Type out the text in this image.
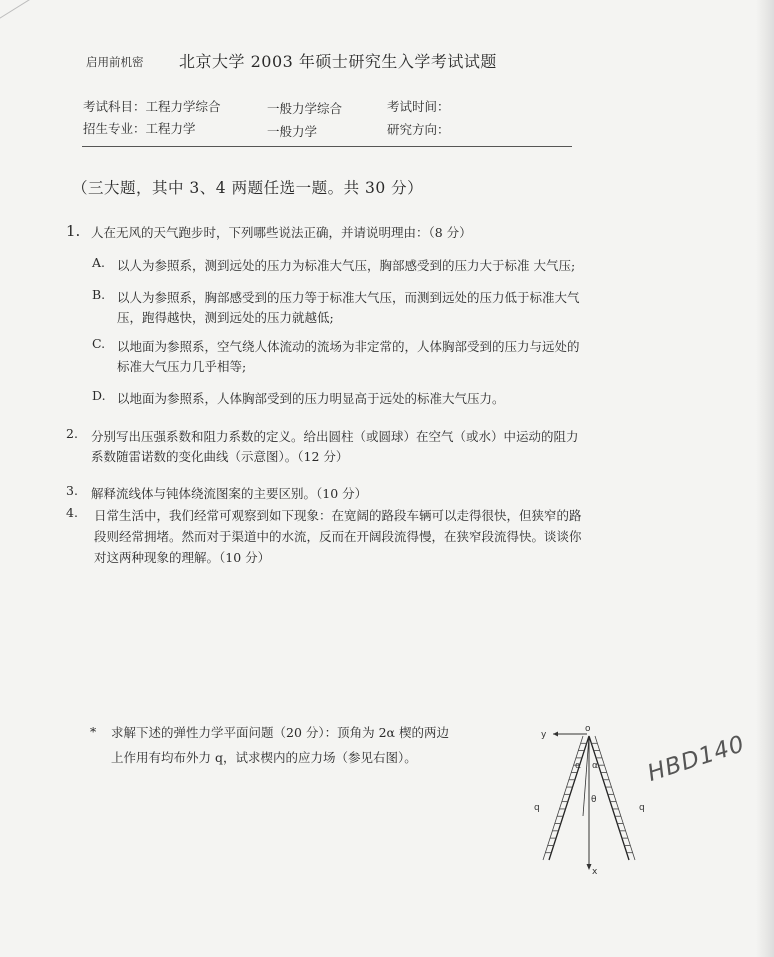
启用前机密 北京大学 2003 年硕士研究生入学考试试题
考试科目：工程力学综合	一般力学综合	考试时间：
招生专业：工程力学	一般力学	研究方向：
（三大题，其中 3、4 两题任选一题。共 30 分）
1. 人在无风的天气跑步时，下列哪些说法正确，并请说明理由：（8 分）
A. 以人为参照系，测到远处的压力为标准大气压，胸部感受到的压力大于标准 大气压;
B. 以人为参照系，胸部感受到的压力等于标准大气压，而测到远处的压力低于标准大气
压，跑得越快，测到远处的压力就越低;
C. 以地面为参照系，空气绕人体流动的流场为非定常的，人体胸部受到的压力与远处的
标准大气压力几乎相等;
D. 以地面为参照系，人体胸部受到的压力明显高于远处的标准大气压力。
2. 分别写出压强系数和阻力系数的定义。给出圆柱（或圆球）在空气（或水）中运动的阻力
系数随雷诺数的变化曲线（示意图）。（12 分）
3. 解释流线体与钝体绕流图案的主要区别。（10 分）
4. 日常生活中，我们经常可观察到如下现象：在宽阔的路段车辆可以走得很快，但狭窄的路
段则经常拥堵。然而对于渠道中的水流，反而在开阔段流得慢，在狭窄段流得快。谈谈你
对这两种现象的理解。（10 分）
* 求解下述的弹性力学平面问题（20 分）：顶角为 2α 楔的两边
上作用有均布外力 q，试求楔内的应力场（参见右图）。
y
o
x
α α
q	q
θ
HBD140
